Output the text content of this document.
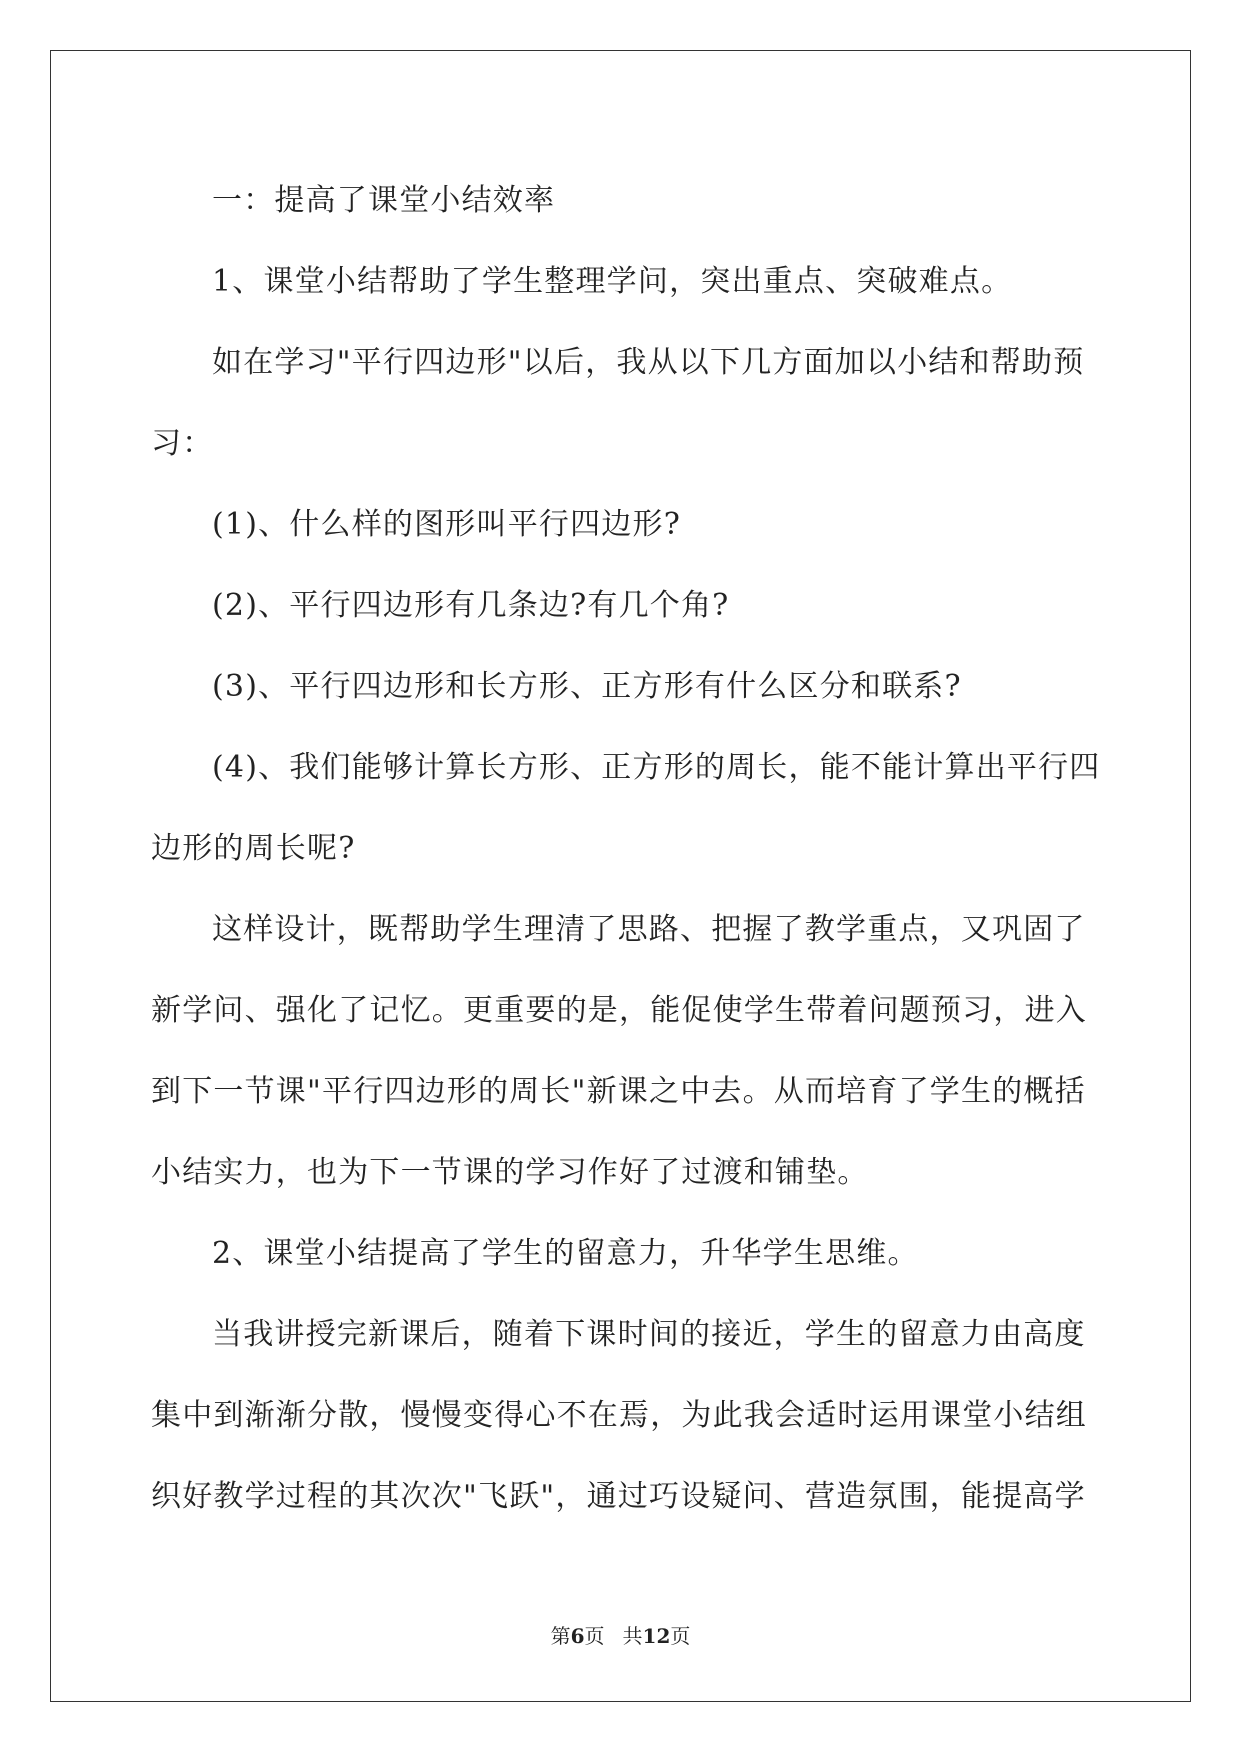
一：提高了课堂小结效率

1、课堂小结帮助了学生整理学问，突出重点、突破难点。

如在学习"平行四边形"以后，我从以下几方面加以小结和帮助预

习：

(1)、什么样的图形叫平行四边形?

(2)、平行四边形有几条边?有几个角?

(3)、平行四边形和长方形、正方形有什么区分和联系?

(4)、我们能够计算长方形、正方形的周长，能不能计算出平行四

边形的周长呢?

这样设计，既帮助学生理清了思路、把握了教学重点，又巩固了

新学问、强化了记忆。更重要的是，能促使学生带着问题预习，进入

到下一节课"平行四边形的周长"新课之中去。从而培育了学生的概括

小结实力，也为下一节课的学习作好了过渡和铺垫。

2、课堂小结提高了学生的留意力，升华学生思维。

当我讲授完新课后，随着下课时间的接近，学生的留意力由高度

集中到渐渐分散，慢慢变得心不在焉，为此我会适时运用课堂小结组

织好教学过程的其次次"飞跃"，通过巧设疑问、营造氛围，能提高学

第6页 共12页
